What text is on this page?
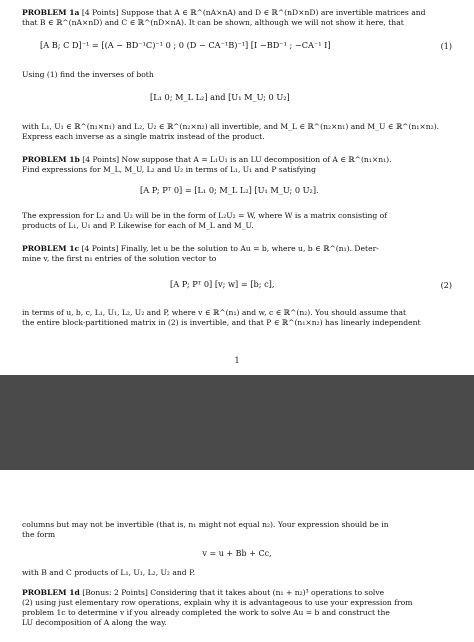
PROBLEM 1a [4 Points] Suppose that A ∈ ℝ^(nA×nA) and D ∈ ℝ^(nD×nD) are invertible matrices and
that B ∈ ℝ^(nA×nD) and C ∈ ℝ^(nD×nA). It can be shown, although we will not show it here, that
[A B; C D]⁻¹ = [(A − BD⁻¹C)⁻¹ 0 ; 0 (D − CA⁻¹B)⁻¹] [I −BD⁻¹ ; −CA⁻¹ I]	(1)
Using (1) find the inverses of both
[L₁ 0; M_L L₂] and [U₁ M_U; 0 U₂]
with L₁, U₁ ∈ ℝ^(n₁×n₁) and L₂, U₂ ∈ ℝ^(n₂×n₂) all invertible, and M_L ∈ ℝ^(n₂×n₁) and M_U ∈ ℝ^(n₁×n₂).
Express each inverse as a single matrix instead of the product.
PROBLEM 1b [4 Points] Now suppose that A = L₁U₁ is an LU decomposition of A ∈ ℝ^(n₁×n₁).
Find expressions for M_L, M_U, L₂ and U₂ in terms of L₁, U₁ and P satisfying
[A P; Pᵀ 0] = [L₁ 0; M_L L₂] [U₁ M_U; 0 U₂].
The expression for L₂ and U₂ will be in the form of L₂U₂ = W, where W is a matrix consisting of
products of L₁, U₁ and P. Likewise for each of M_L and M_U.
PROBLEM 1c [4 Points] Finally, let u be the solution to Au = b, where u, b ∈ ℝ^(n₁). Deter-
mine v, the first n₁ entries of the solution vector to
[A P; Pᵀ 0] [v; w] = [b; c],	(2)
in terms of u, b, c, L₁, U₁, L₂, U₂ and P, where v ∈ ℝ^(n₁) and w, c ∈ ℝ^(n₂). You should assume that
the entire block-partitioned matrix in (2) is invertible, and that P ∈ ℝ^(n₁×n₂) has linearly independent
1
columns but may not be invertible (that is, n₁ might not equal n₂). Your expression should be in
the form
v = u + Bb + Cc,
with B and C products of L₁, U₁, L₂, U₂ and P.
PROBLEM 1d [Bonus: 2 Points] Considering that it takes about (n₁ + n₂)³ operations to solve
(2) using just elementary row operations, explain why it is advantageous to use your expression from
problem 1c to determine v if you already completed the work to solve Au = b and construct the
LU decomposition of A along the way.
